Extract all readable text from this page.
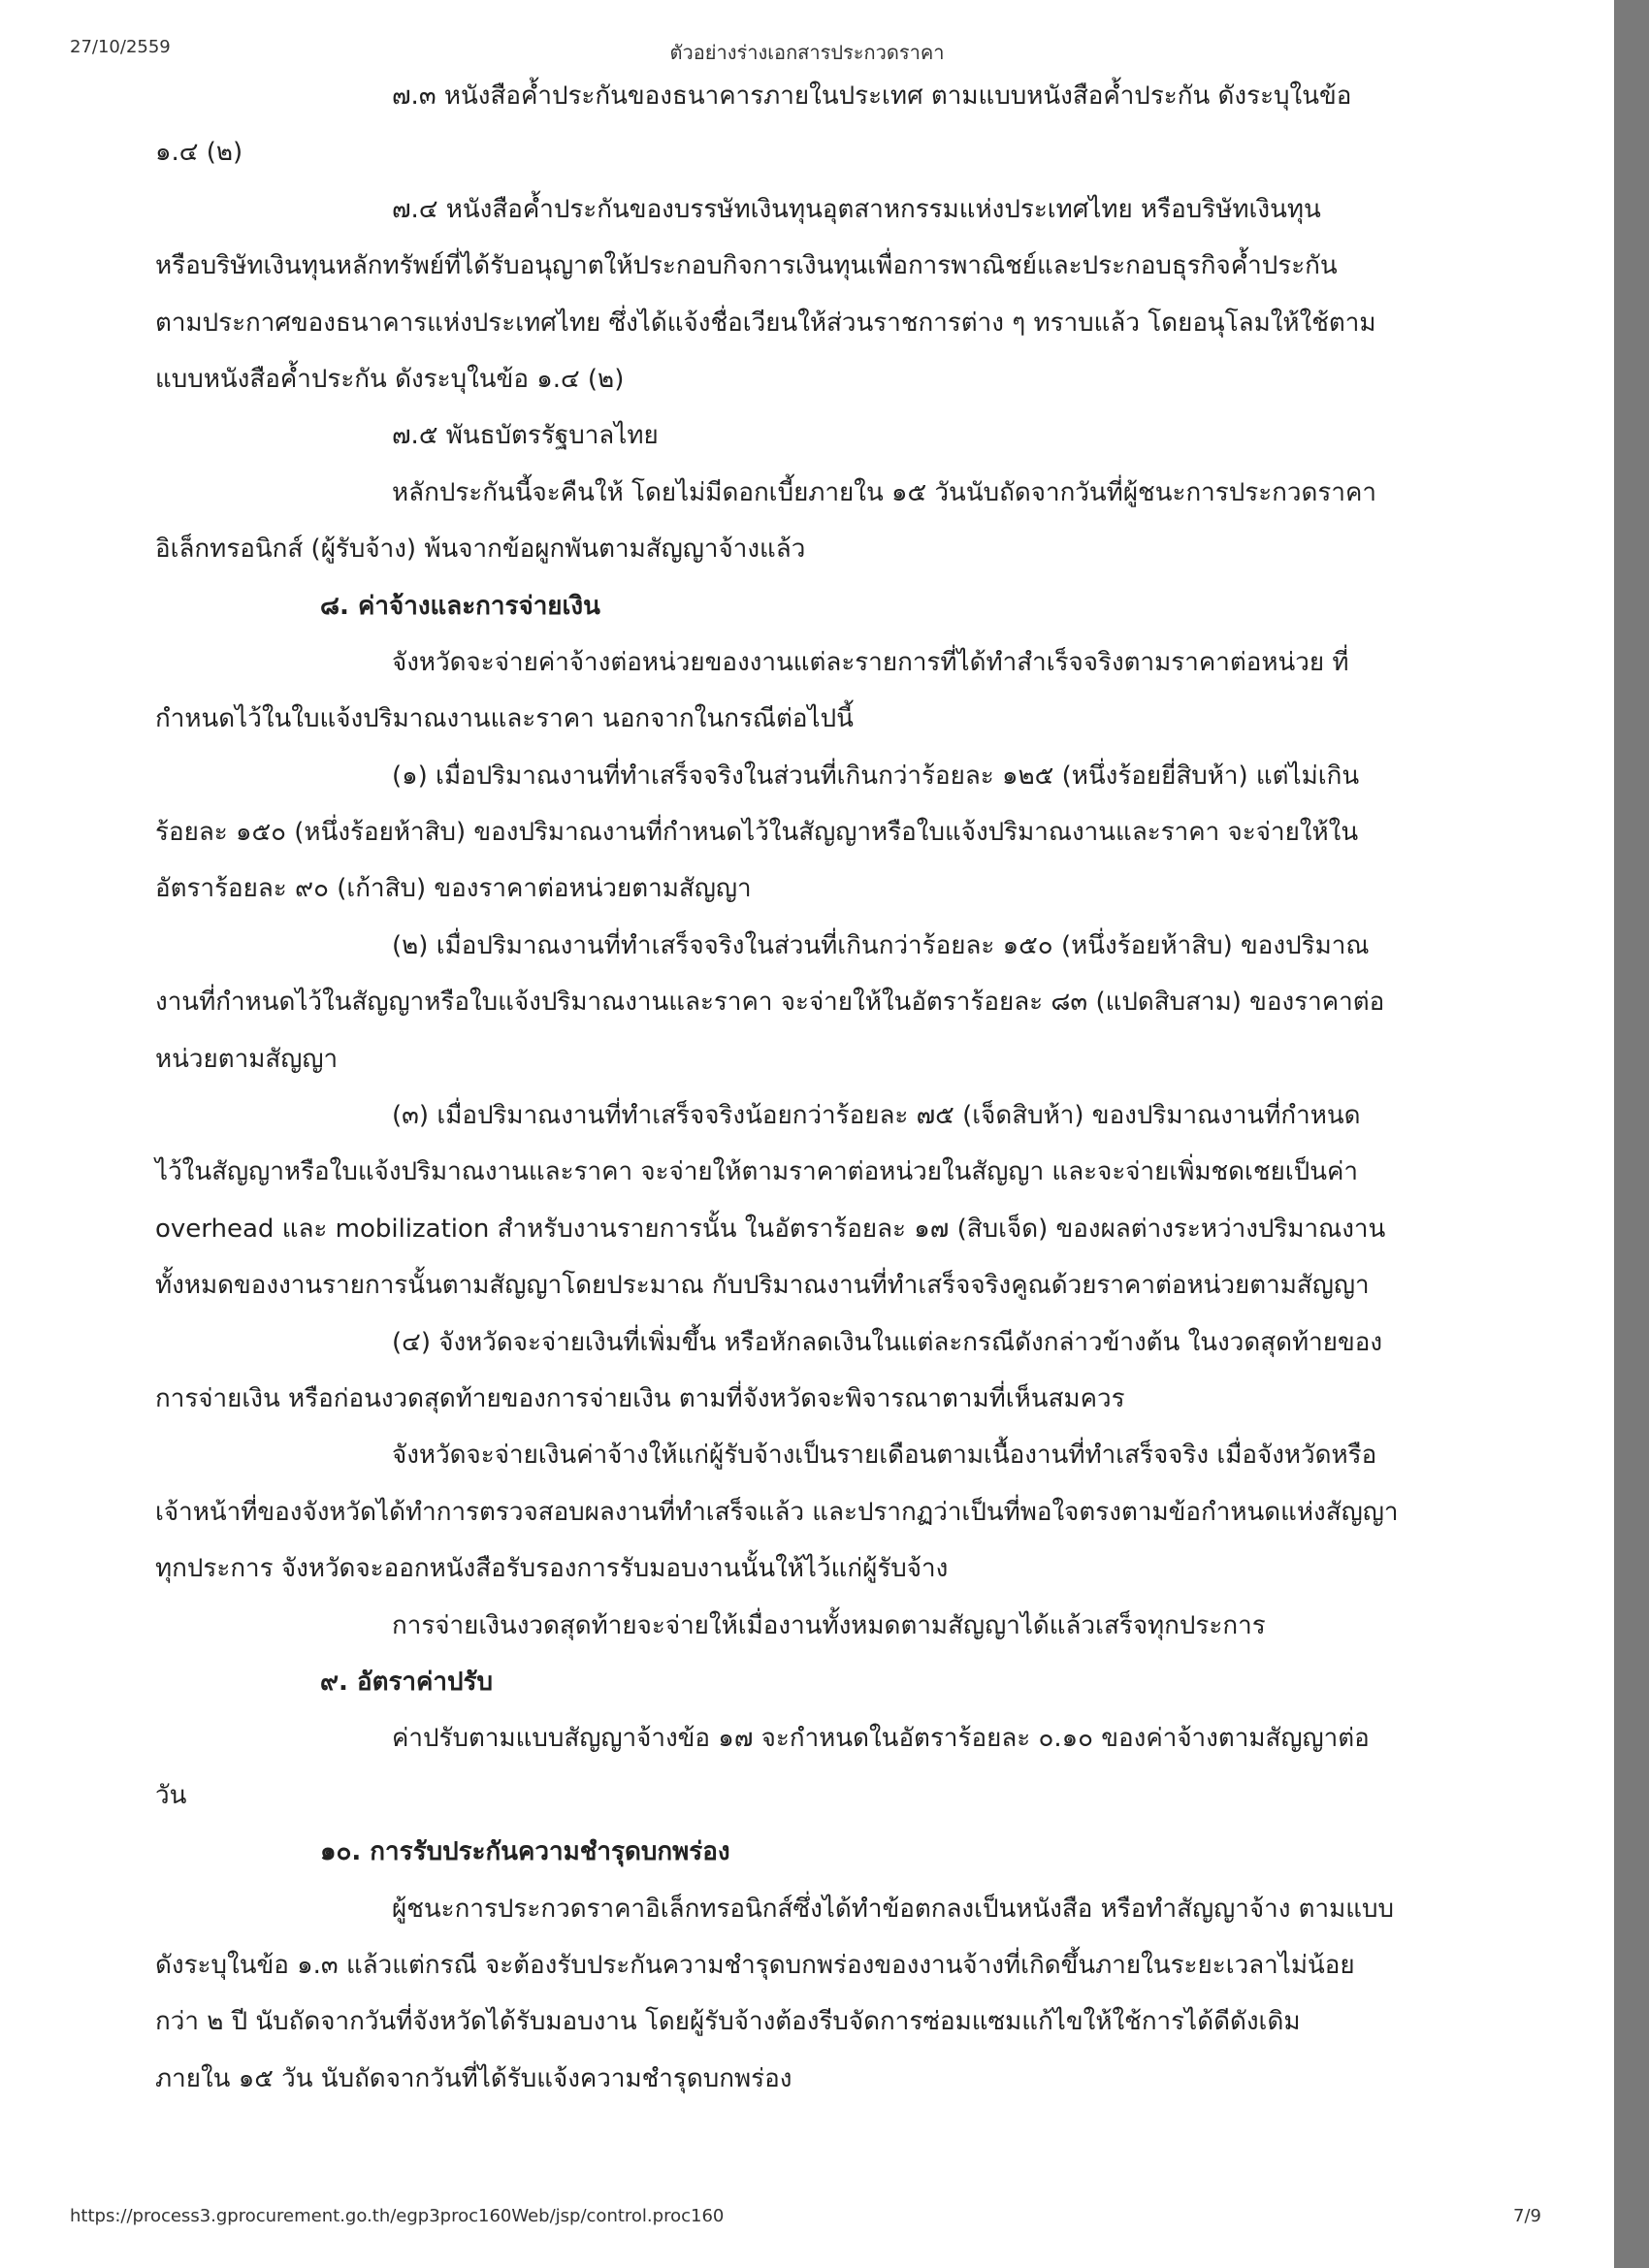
27/10/2559	ตัวอย่างร่างเอกสารประกวดราคา
๗.๓ หนังสือค้ำประกันของธนาคารภายในประเทศ ตามแบบหนังสือค้ำประกัน ดังระบุในข้อ
๑.๔ (๒)
๗.๔ หนังสือค้ำประกันของบรรษัทเงินทุนอุตสาหกรรมแห่งประเทศไทย หรือบริษัทเงินทุน
หรือบริษัทเงินทุนหลักทรัพย์ที่ได้รับอนุญาตให้ประกอบกิจการเงินทุนเพื่อการพาณิชย์และประกอบธุรกิจค้ำประกัน
ตามประกาศของธนาคารแห่งประเทศไทย ซึ่งได้แจ้งชื่อเวียนให้ส่วนราชการต่าง ๆ ทราบแล้ว โดยอนุโลมให้ใช้ตาม
แบบหนังสือค้ำประกัน ดังระบุในข้อ ๑.๔ (๒)
๗.๕ พันธบัตรรัฐบาลไทย
หลักประกันนี้จะคืนให้ โดยไม่มีดอกเบี้ยภายใน ๑๕ วันนับถัดจากวันที่ผู้ชนะการประกวดราคา
อิเล็กทรอนิกส์ (ผู้รับจ้าง) พ้นจากข้อผูกพันตามสัญญาจ้างแล้ว
๘. ค่าจ้างและการจ่ายเงิน
จังหวัดจะจ่ายค่าจ้างต่อหน่วยของงานแต่ละรายการที่ได้ทำสำเร็จจริงตามราคาต่อหน่วย ที่
กำหนดไว้ในใบแจ้งปริมาณงานและราคา นอกจากในกรณีต่อไปนี้
(๑) เมื่อปริมาณงานที่ทำเสร็จจริงในส่วนที่เกินกว่าร้อยละ ๑๒๕ (หนึ่งร้อยยี่สิบห้า) แต่ไม่เกิน
ร้อยละ ๑๕๐ (หนึ่งร้อยห้าสิบ) ของปริมาณงานที่กำหนดไว้ในสัญญาหรือใบแจ้งปริมาณงานและราคา จะจ่ายให้ใน
อัตราร้อยละ ๙๐ (เก้าสิบ) ของราคาต่อหน่วยตามสัญญา
(๒) เมื่อปริมาณงานที่ทำเสร็จจริงในส่วนที่เกินกว่าร้อยละ ๑๕๐ (หนึ่งร้อยห้าสิบ) ของปริมาณ
งานที่กำหนดไว้ในสัญญาหรือใบแจ้งปริมาณงานและราคา จะจ่ายให้ในอัตราร้อยละ ๘๓ (แปดสิบสาม) ของราคาต่อ
หน่วยตามสัญญา
(๓) เมื่อปริมาณงานที่ทำเสร็จจริงน้อยกว่าร้อยละ ๗๕ (เจ็ดสิบห้า) ของปริมาณงานที่กำหนด
ไว้ในสัญญาหรือใบแจ้งปริมาณงานและราคา จะจ่ายให้ตามราคาต่อหน่วยในสัญญา และจะจ่ายเพิ่มชดเชยเป็นค่า
overhead และ mobilization สำหรับงานรายการนั้น ในอัตราร้อยละ ๑๗ (สิบเจ็ด) ของผลต่างระหว่างปริมาณงาน
ทั้งหมดของงานรายการนั้นตามสัญญาโดยประมาณ กับปริมาณงานที่ทำเสร็จจริงคูณด้วยราคาต่อหน่วยตามสัญญา
(๔) จังหวัดจะจ่ายเงินที่เพิ่มขึ้น หรือหักลดเงินในแต่ละกรณีดังกล่าวข้างต้น ในงวดสุดท้ายของ
การจ่ายเงิน หรือก่อนงวดสุดท้ายของการจ่ายเงิน ตามที่จังหวัดจะพิจารณาตามที่เห็นสมควร
จังหวัดจะจ่ายเงินค่าจ้างให้แก่ผู้รับจ้างเป็นรายเดือนตามเนื้องานที่ทำเสร็จจริง เมื่อจังหวัดหรือ
เจ้าหน้าที่ของจังหวัดได้ทำการตรวจสอบผลงานที่ทำเสร็จแล้ว และปรากฏว่าเป็นที่พอใจตรงตามข้อกำหนดแห่งสัญญา
ทุกประการ จังหวัดจะออกหนังสือรับรองการรับมอบงานนั้นให้ไว้แก่ผู้รับจ้าง
การจ่ายเงินงวดสุดท้ายจะจ่ายให้เมื่องานทั้งหมดตามสัญญาได้แล้วเสร็จทุกประการ
๙. อัตราค่าปรับ
ค่าปรับตามแบบสัญญาจ้างข้อ ๑๗ จะกำหนดในอัตราร้อยละ ๐.๑๐ ของค่าจ้างตามสัญญาต่อ
วัน
๑๐. การรับประกันความชำรุดบกพร่อง
ผู้ชนะการประกวดราคาอิเล็กทรอนิกส์ซึ่งได้ทำข้อตกลงเป็นหนังสือ หรือทำสัญญาจ้าง ตามแบบ
ดังระบุในข้อ ๑.๓ แล้วแต่กรณี จะต้องรับประกันความชำรุดบกพร่องของงานจ้างที่เกิดขึ้นภายในระยะเวลาไม่น้อย
กว่า ๒ ปี นับถัดจากวันที่จังหวัดได้รับมอบงาน โดยผู้รับจ้างต้องรีบจัดการซ่อมแซมแก้ไขให้ใช้การได้ดีดังเดิม
ภายใน ๑๕ วัน นับถัดจากวันที่ได้รับแจ้งความชำรุดบกพร่อง
https://process3.gprocurement.go.th/egp3proc160Web/jsp/control.proc160	7/9
